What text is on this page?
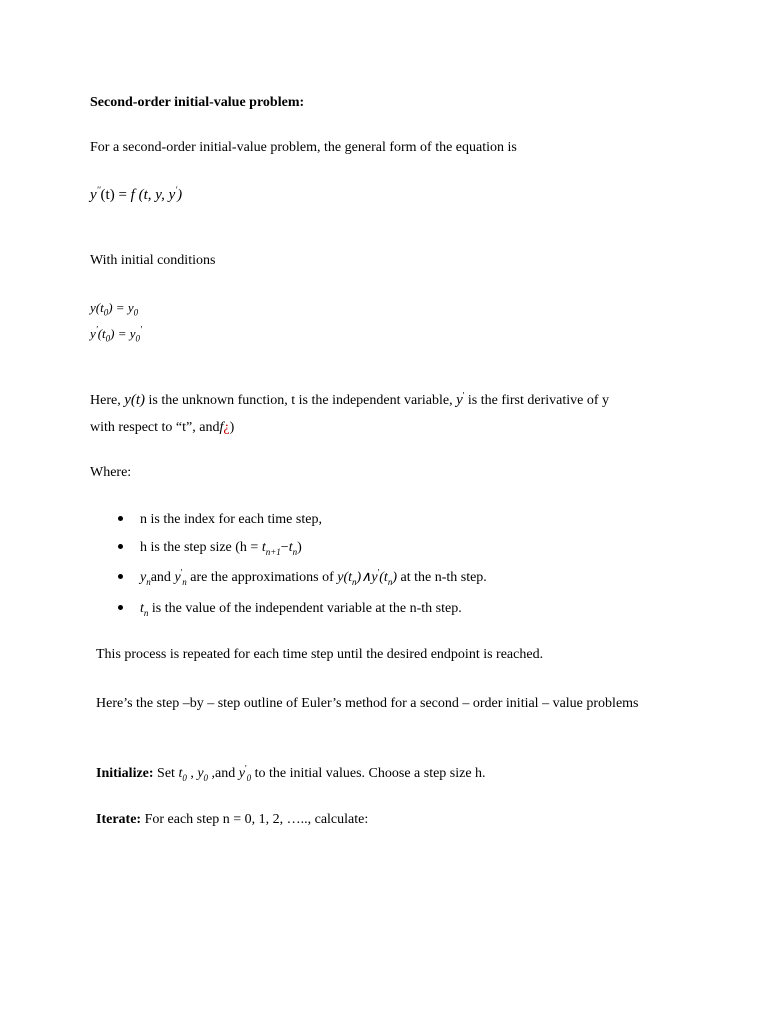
Second-order initial-value problem:
For a second-order initial-value problem, the general form of the equation is
y''(t) = f (t, y, y')
With initial conditions
$y(t_0) = y_0$
$y'(t_0) = y_0'$
Here, y(t) is the unknown function, t is the independent variable, y' is the first derivative of y
with respect to “t”, andf¿)
Where:
n is the index for each time step,
h is the step size $(h = t_{n+1}-t_n)$
$y_nand$ $y'_n$ are the approximations of $y(t_n)\wedge y'(t_n)$ at the n-th step.
$t_n$ is the value of the independent variable at the n-th step.
This process is repeated for each time step until the desired endpoint is reached.
Here’s the step –by – step outline of Euler’s method for a second – order initial – value problems
Initialize: Set $t_0$ , $y_0$ ,and $y'_0$ to the initial values. Choose a step size h.
Iterate: For each step n = 0, 1, 2, ….., calculate:
